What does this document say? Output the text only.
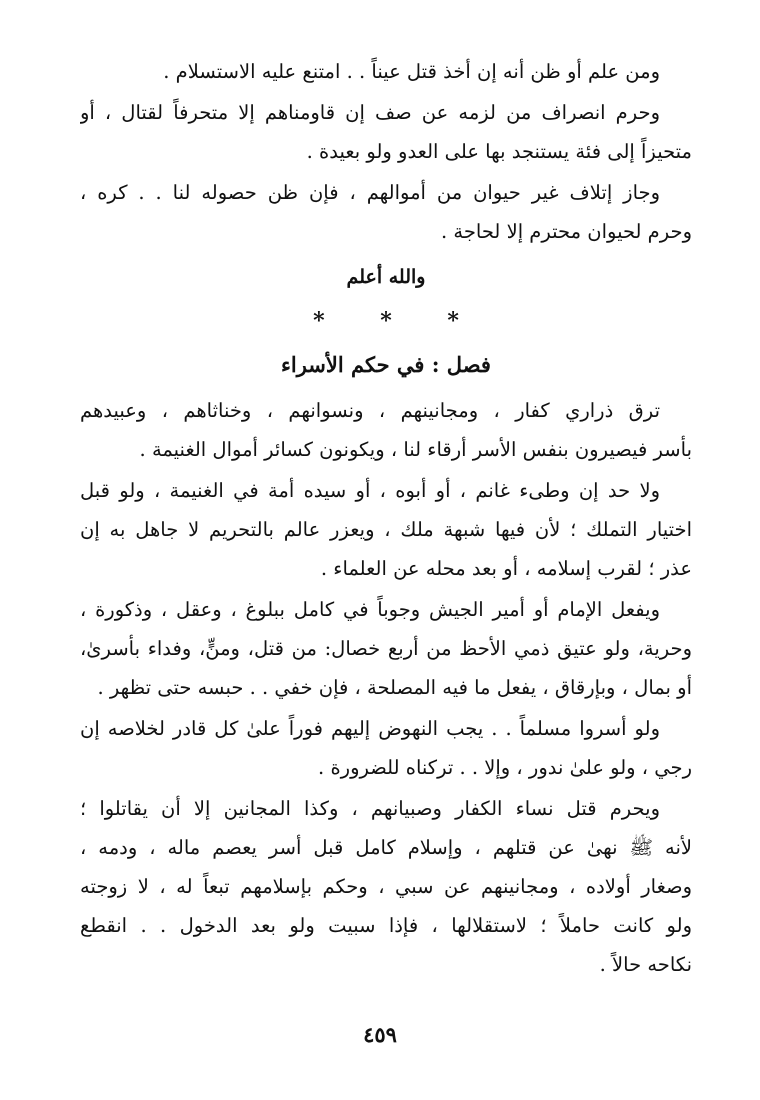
ومن علم أو ظن أنه إن أخذ قتل عيناً . . امتنع عليه الاستسلام .
وحرم انصراف من لزمه عن صف إن قاومناهم إلا متحرفاً لقتال ، أو
متحيزاً إلى فئة يستنجد بها على العدو ولو بعيدة .
وجاز إتلاف غير حيوان من أموالهم ، فإن ظن حصوله لنا . . كره ،
وحرم لحيوان محترم إلا لحاجة .
والله أعلم
* * *
فصل : في حكم الأسراء
ترق ذراري كفار ، ومجانينهم ، ونسوانهم ، وخناثاهم ، وعبيدهم
بأسر فيصيرون بنفس الأسر أرقاء لنا ، ويكونون كسائر أموال الغنيمة .
ولا حد إن وطىء غانم ، أو أبوه ، أو سيده أمة في الغنيمة ، ولو قبل
اختيار التملك ؛ لأن فيها شبهة ملك ، ويعزر عالم بالتحريم لا جاهل به إن
عذر ؛ لقرب إسلامه ، أو بعد محله عن العلماء .
ويفعل الإمام أو أمير الجيش وجوباً في كامل ببلوغ ، وعقل ، وذكورة ،
وحرية، ولو عتيق ذمي الأحظ من أربع خصال: من قتل، ومنٍّ، وفداء بأسرىٰ،
أو بمال ، وبإرقاق ، يفعل ما فيه المصلحة ، فإن خفي . . حبسه حتى تظهر .
ولو أسروا مسلماً . . يجب النهوض إليهم فوراً علىٰ كل قادر لخلاصه إن
رجي ، ولو علىٰ ندور ، وإلا . . تركناه للضرورة .
ويحرم قتل نساء الكفار وصبيانهم ، وكذا المجانين إلا أن يقاتلوا ؛
لأنه ﷺ نهىٰ عن قتلهم ، وإسلام كامل قبل أسر يعصم ماله ، ودمه ،
وصغار أولاده ، ومجانينهم عن سبي ، وحكم بإسلامهم تبعاً له ، لا زوجته
ولو كانت حاملاً ؛ لاستقلالها ، فإذا سبيت ولو بعد الدخول . . انقطع
نكاحه حالاً .
٤٥٩
